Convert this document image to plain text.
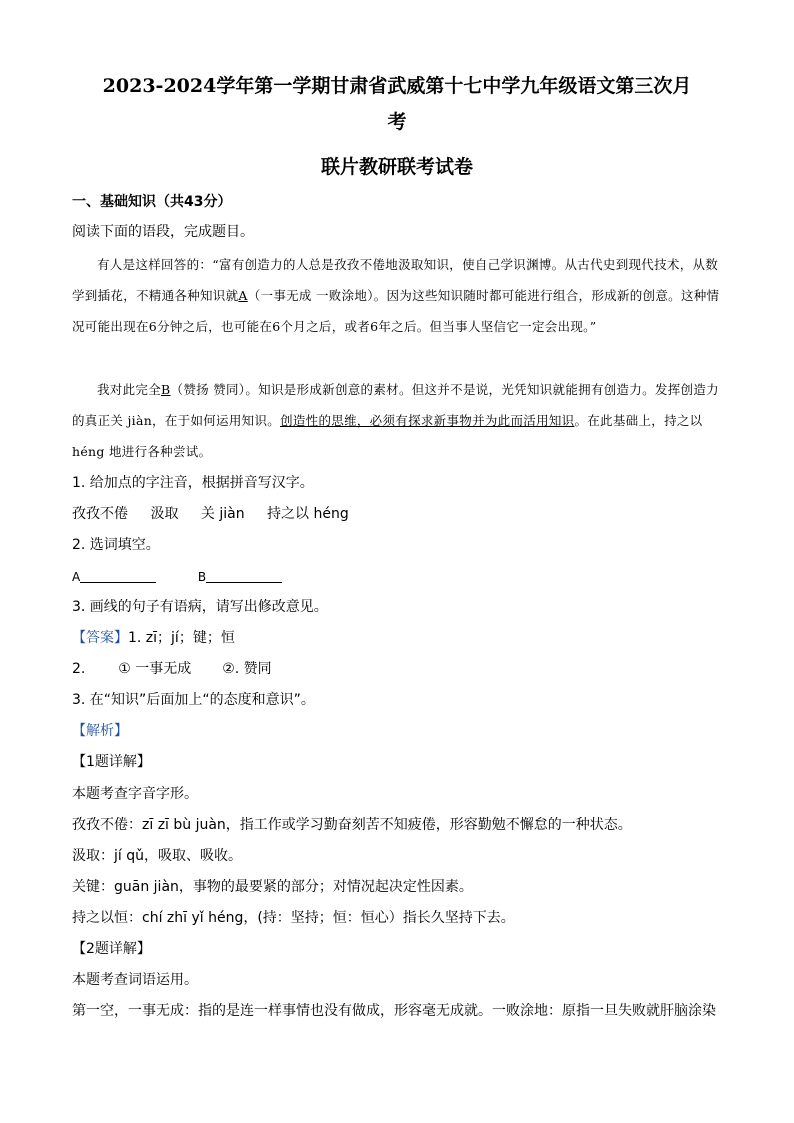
2023-2024学年第一学期甘肃省武威第十七中学九年级语文第三次月
考
联片教研联考试卷
一、基础知识（共43分）
阅读下面的语段，完成题目。
有人是这样回答的：“富有创造力的人总是孜孜不倦地汲取知识，使自己学识渊博。从古代史到现代技术，从数学到插花，不精通各种知识就A（一事无成 一败涂地）。因为这些知识随时都可能进行组合，形成新的创意。这种情况可能出现在6分钟之后，也可能在6个月之后，或者6年之后。但当事人坚信它一定会出现。”
我对此完全B（赞扬 赞同）。知识是形成新创意的素材。但这并不是说，光凭知识就能拥有创造力。发挥创造力的真正关 jiàn，在于如何运用知识。创造性的思维，必须有探求新事物并为此而活用知识。在此基础上，持之以 héng 地进行各种尝试。
1. 给加点的字注音，根据拼音写汉字。
孜孜不倦 汲取 关 jiàn 持之以 héng
2. 选词填空。
A	B
3. 画线的句子有语病，请写出修改意见。
【答案】1. zī；jí；键；恒
2. ① 一事无成 ②. 赞同
3. 在“知识”后面加上“的态度和意识”。
【解析】
【1题详解】
本题考查字音字形。
孜孜不倦：zī zī bù juàn，指工作或学习勤奋刻苦不知疲倦，形容勤勉不懈怠的一种状态。
汲取：jí qǔ，吸取、吸收。
关键：guān jiàn，事物的最要紧的部分；对情况起决定性因素。
持之以恒：chí zhī yǐ héng，(持：坚持；恒：恒心）指长久坚持下去。
【2题详解】
本题考查词语运用。
第一空，一事无成：指的是连一样事情也没有做成，形容毫无成就。一败涂地：原指一旦失败就肝脑涂染
